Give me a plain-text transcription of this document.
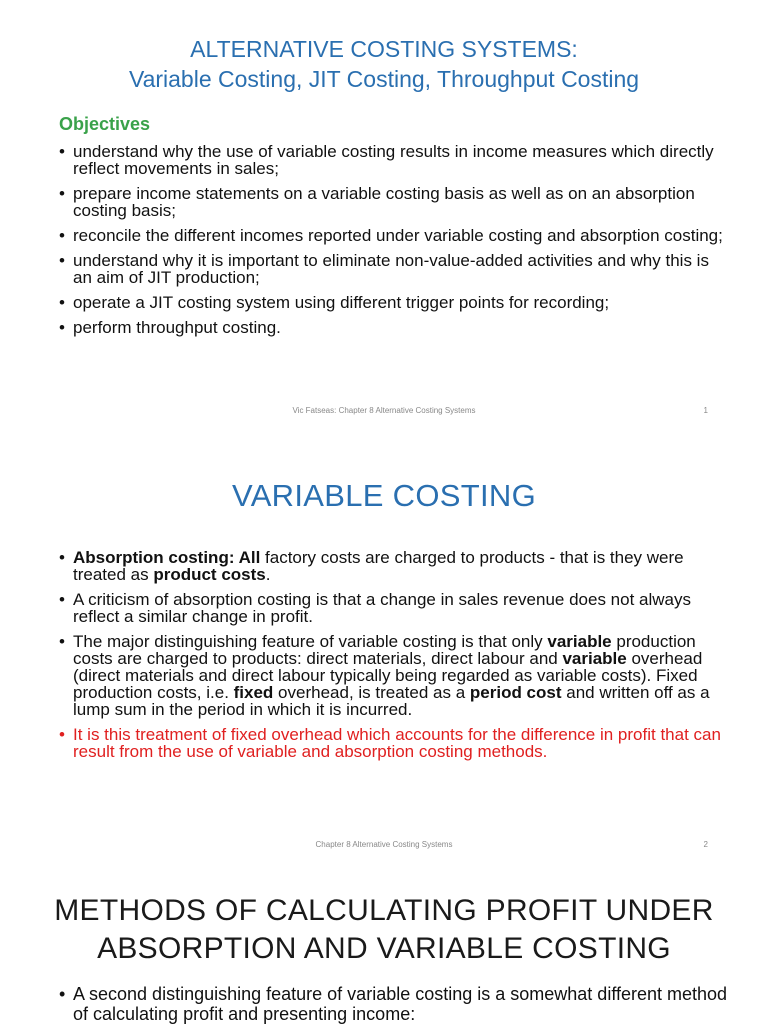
ALTERNATIVE COSTING SYSTEMS:

Variable Costing, JIT Costing, Throughput Costing

Objectives
• understand why the use of variable costing results in income measures which directly reflect movements in sales;
• prepare income statements on a variable costing basis as well as on an absorption costing basis;
• reconcile the different incomes reported under variable costing and absorption costing;
• understand why it is important to eliminate non-value-added activities and why this is an aim of JIT production;
• operate a JIT costing system using different trigger points for recording;
• perform throughput costing.
Vic Fatseas: Chapter 8 Alternative Costing Systems	1

VARIABLE COSTING

• Absorption costing: All factory costs are charged to products - that is they were treated as product costs.
• A criticism of absorption costing is that a change in sales revenue does not always reflect a similar change in profit.
• The major distinguishing feature of variable costing is that only variable production costs are charged to products: direct materials, direct labour and variable overhead (direct materials and direct labour typically being regarded as variable costs). Fixed production costs, i.e. fixed overhead, is treated as a period cost and written off as a lump sum in the period in which it is incurred.
• It is this treatment of fixed overhead which accounts for the difference in profit that can result from the use of variable and absorption costing methods.
Chapter 8 Alternative Costing Systems	2

METHODS OF CALCULATING PROFIT UNDER

ABSORPTION AND VARIABLE COSTING

• A second distinguishing feature of variable costing is a somewhat different method of calculating profit and presenting income:
